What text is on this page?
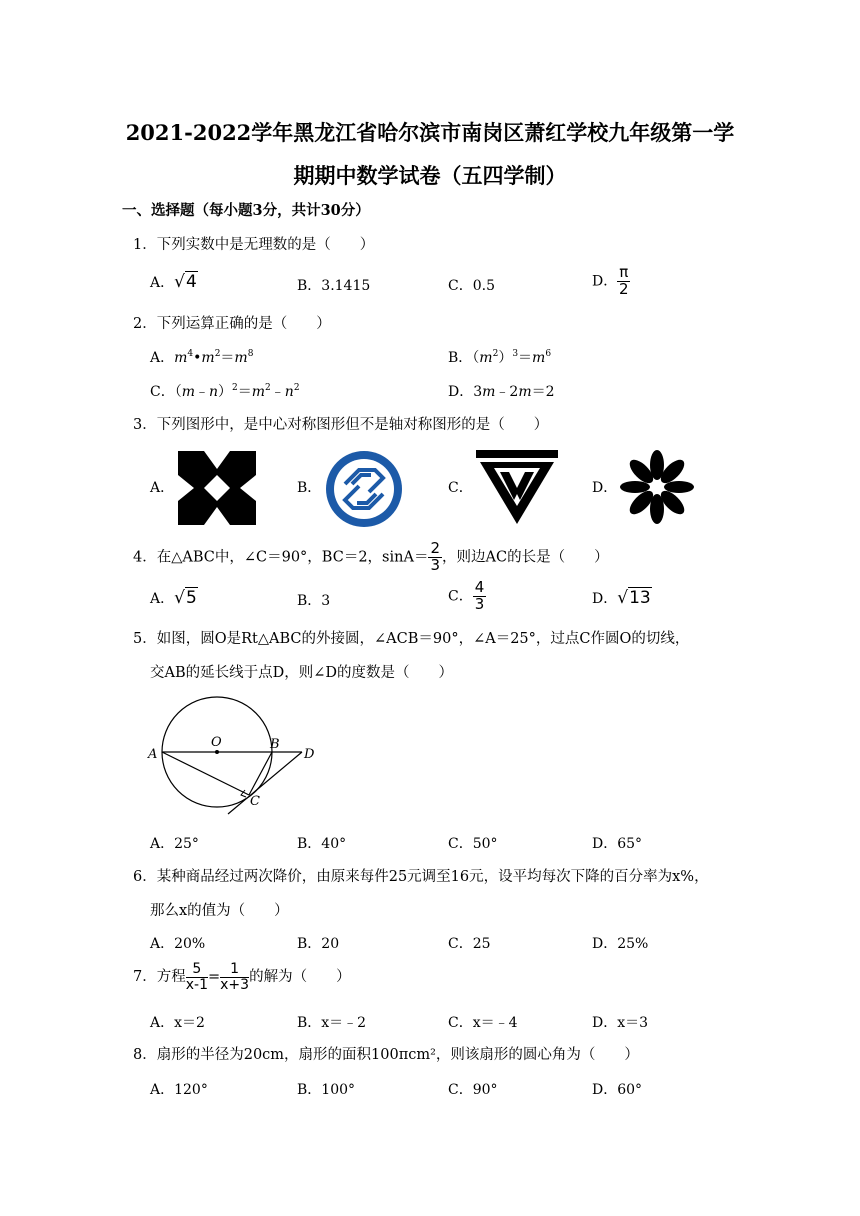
2021-2022学年黑龙江省哈尔滨市南岗区萧红学校九年级第一学
期期中数学试卷（五四学制）
一、选择题（每小题3分，共计30分）
1．下列实数中是无理数的是（　　）
A．√4	B．3.1415	C．0.5	D． $\frac{\pi}{2}$
2．下列运算正确的是（　　）
A．$m^4•m^2=m^8$	B．$(m^2)^3=m^6$
C．$(m﹣n)^2=m^2﹣n^2$	D．3m﹣2m＝2
3．下列图形中，是中心对称图形但不是轴对称图形的是（　　）
A．	B．	C．	D．
4．在△ABC中，∠C＝90°，BC＝2，$\sin A= \frac{2}{3}$ ，则边AC的长是（　　）
A．√5	B．3	C． $\frac{4}{3}$	D．√13
5．如图，圆O是Rt△ABC的外接圆，∠ACB＝90°，∠A＝25°，过点C作圆O的切线，
交AB的延长线于点D，则∠D的度数是（　　）
A
O	B
D
C
A．25°	B．40°	C．50°	D．65°
6．某种商品经过两次降价，由原来每件25元调至16元，设平均每次下降的百分率为x%，
那么x的值为（　　）
A．20%	B．20	C．25	D．25%
7．方程 $\frac{5}{x-1} = \frac{1}{x+3}$ 的解为（　　）
A．x＝2	B．x＝﹣2	C．x＝﹣4	D．x＝3
8．扇形的半径为20cm，扇形的面积100πcm²，则该扇形的圆心角为（　　）
A．120°	B．100°	C．90°	D．60°
